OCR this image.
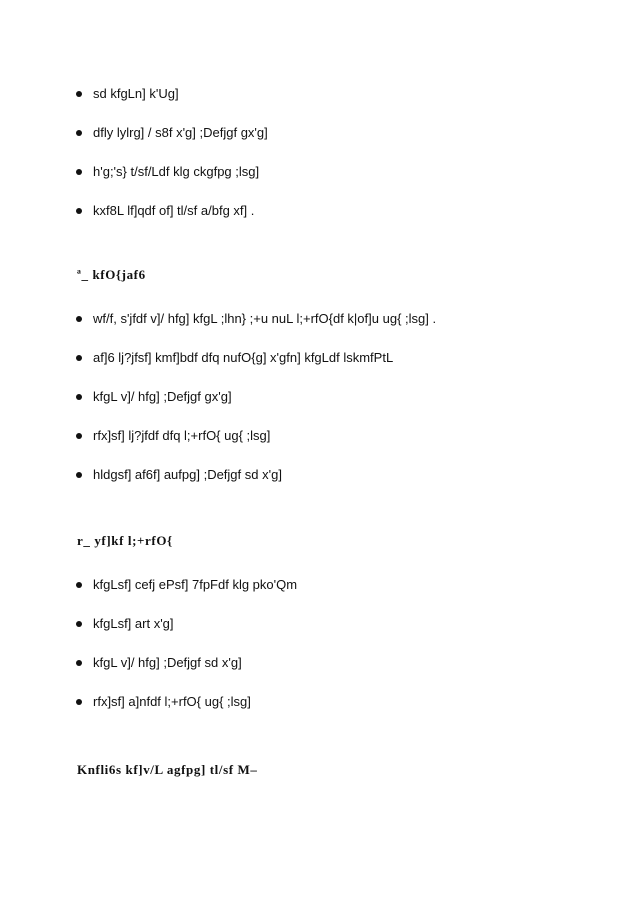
sd kfgLn] k'Ug]
dfly lylrg] / s8f x'g] ;Defjgf gx'g]
h'g;'s} t/sf/Ldf klg ckgfpg ;lsg]
kxf8L lf]qdf of] tl/sf a/bfg xf] .
ª_ kfO{jaf6
wf/f, s'jfdf v]/ hfg] kfgL ;lhn} ;+u nuL l;+rfO{df k|of]u ug{ ;lsg] .
af]6 lj?jfsf] kmf]bdf dfq nufO{g] x'gfn] kfgLdf lskmfPtL
kfgL v]/ hfg] ;Defjgf gx'g]
rfx]sf] lj?jfdf dfq l;+rfO{ ug{ ;lsg]
hldgsf] af6f] aufpg] ;Defjgf sd x'g]
r_ yf]kf l;+rfO{
kfgLsf] cefj ePsf] 7fpFdf klg pko'Qm
kfgLsf] art x'g]
kfgL v]/ hfg] ;Defjgf sd x'g]
rfx]sf] a]nfdf l;+rfO{ ug{ ;lsg]
Knfli6s kf]v/L agfpg] tl/sf M–
